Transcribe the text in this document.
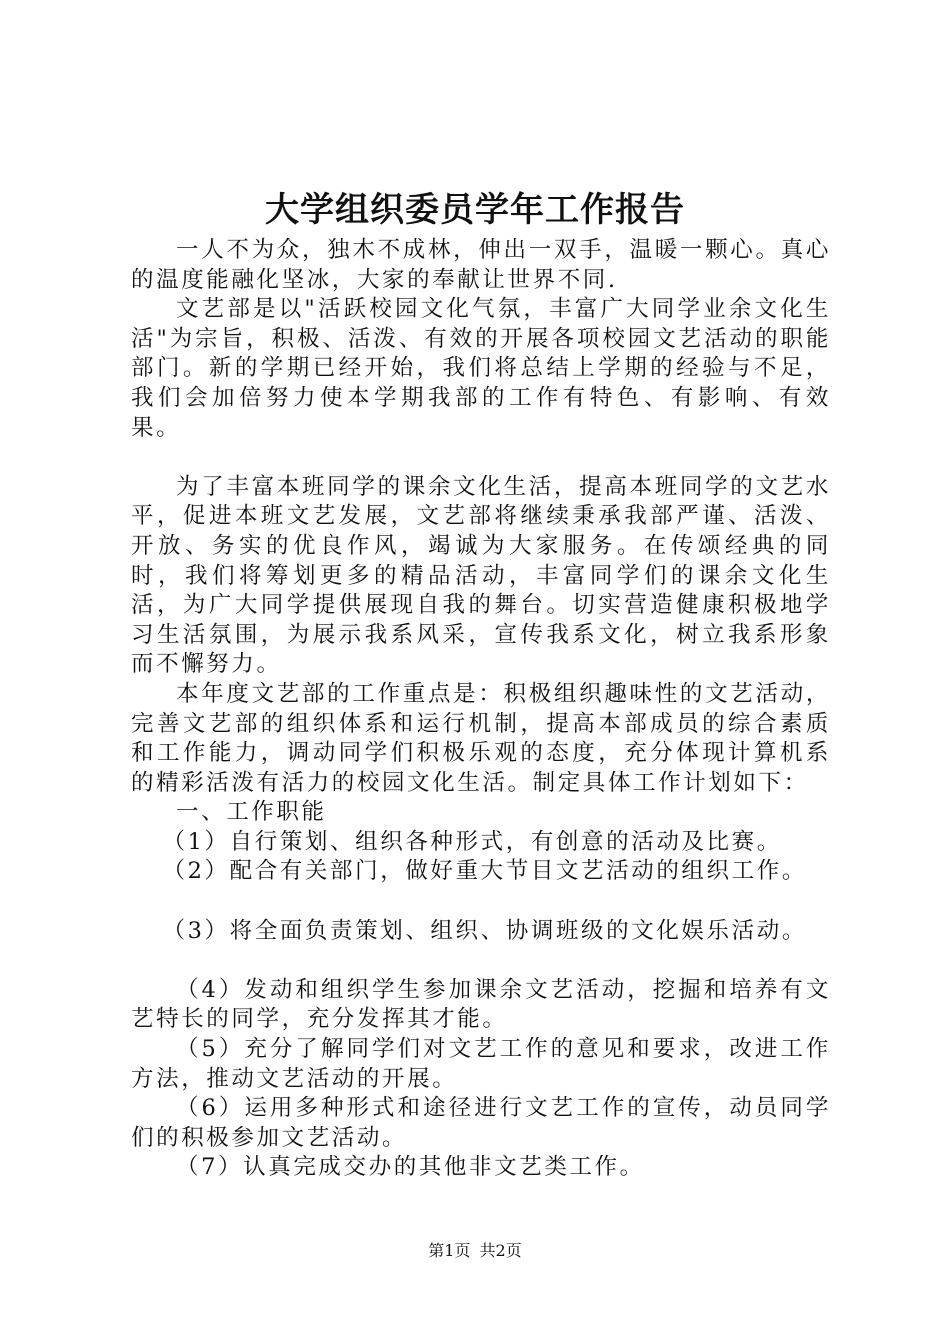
大学组织委员学年工作报告

一人不为众，独木不成林，伸出一双手，温暖一颗心。真心的温度能融化坚冰，大家的奉献让世界不同.

文艺部是以"活跃校园文化气氛，丰富广大同学业余文化生活"为宗旨，积极、活泼、有效的开展各项校园文艺活动的职能部门。新的学期已经开始，我们将总结上学期的经验与不足，我们会加倍努力使本学期我部的工作有特色、有影响、有效果。

为了丰富本班同学的课余文化生活，提高本班同学的文艺水平，促进本班文艺发展，文艺部将继续秉承我部严谨、活泼、开放、务实的优良作风，竭诚为大家服务。在传颂经典的同时，我们将筹划更多的精品活动，丰富同学们的课余文化生活，为广大同学提供展现自我的舞台。切实营造健康积极地学习生活氛围，为展示我系风采，宣传我系文化，树立我系形象而不懈努力。

本年度文艺部的工作重点是：积极组织趣味性的文艺活动，完善文艺部的组织体系和运行机制，提高本部成员的综合素质和工作能力，调动同学们积极乐观的态度，充分体现计算机系的精彩活泼有活力的校园文化生活。制定具体工作计划如下：

一、工作职能

（1）自行策划、组织各种形式，有创意的活动及比赛。

（2）配合有关部门，做好重大节目文艺活动的组织工作。

（3）将全面负责策划、组织、协调班级的文化娱乐活动。

（4）发动和组织学生参加课余文艺活动，挖掘和培养有文艺特长的同学，充分发挥其才能。

（5）充分了解同学们对文艺工作的意见和要求，改进工作方法，推动文艺活动的开展。

（6）运用多种形式和途径进行文艺工作的宣传，动员同学们的积极参加文艺活动。

（7）认真完成交办的其他非文艺类工作。

第1页 共2页
